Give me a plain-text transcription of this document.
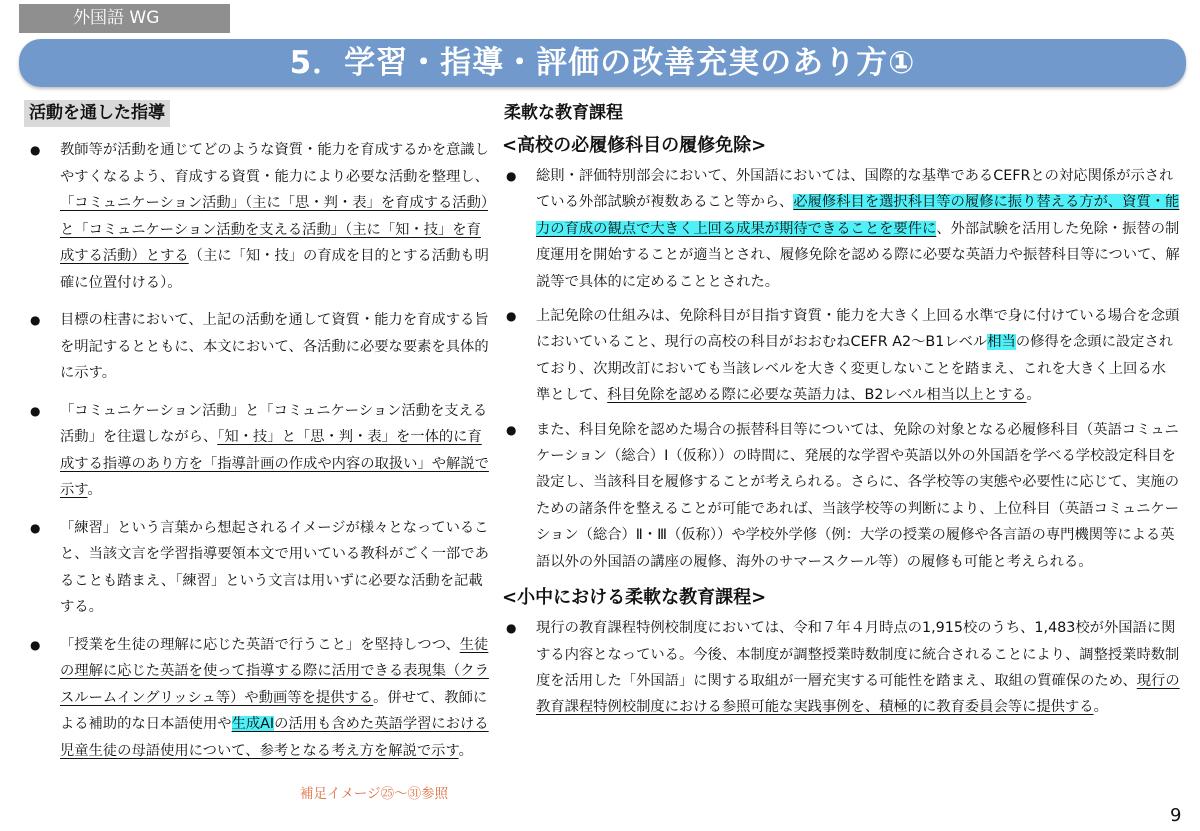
外国語 WG
5．学習・指導・評価の改善充実のあり方①
活動を通した指導
● 教師等が活動を通じてどのような資質・能力を育成するかを意識しやすくなるよう、育成する資質・能力により必要な活動を整理し、「コミュニケーション活動」（主に「思・判・表」を育成する活動）と「コミュニケーション活動を支える活動」（主に「知・技」を育成する活動）とする（主に「知・技」の育成を目的とする活動も明確に位置付ける）。
● 目標の柱書において、上記の活動を通して資質・能力を育成する旨を明記するとともに、本文において、各活動に必要な要素を具体的に示す。
● 「コミュニケーション活動」と「コミュニケーション活動を支える活動」を往還しながら、「知・技」と「思・判・表」を一体的に育成する指導のあり方を「指導計画の作成や内容の取扱い」や解説で示す。
● 「練習」という言葉から想起されるイメージが様々となっていること、当該文言を学習指導要領本文で用いている教科がごく一部であることも踏まえ、「練習」という文言は用いずに必要な活動を記載する。
● 「授業を生徒の理解に応じた英語で行うこと」を堅持しつつ、生徒の理解に応じた英語を使って指導する際に活用できる表現集（クラスルームイングリッシュ等）や動画等を提供する。併せて、教師による補助的な日本語使用や生成AIの活用も含めた英語学習における児童生徒の母語使用について、参考となる考え方を解説で示す。
補足イメージ㉕～㉛参照
柔軟な教育課程
<高校の必履修科目の履修免除>
● 総則・評価特別部会において、外国語においては、国際的な基準であるCEFRとの対応関係が示されている外部試験が複数あること等から、必履修科目を選択科目等の履修に振り替える方が、資質・能力の育成の観点で大きく上回る成果が期待できることを要件に、外部試験を活用した免除・振替の制度運用を開始することが適当とされ、履修免除を認める際に必要な英語力や振替科目等について、解説等で具体的に定めることとされた。
● 上記免除の仕組みは、免除科目が目指す資質・能力を大きく上回る水準で身に付けている場合を念頭においていること、現行の高校の科目がおおむねCEFR A2～B1レベル相当の修得を念頭に設定されており、次期改訂においても当該レベルを大きく変更しないことを踏まえ、これを大きく上回る水準として、科目免除を認める際に必要な英語力は、B2レベル相当以上とする。
● また、科目免除を認めた場合の振替科目等については、免除の対象となる必履修科目（英語コミュニケーション（総合）Ⅰ（仮称））の時間に、発展的な学習や英語以外の外国語を学べる学校設定科目を設定し、当該科目を履修することが考えられる。さらに、各学校等の実態や必要性に応じて、実施のための諸条件を整えることが可能であれば、当該学校等の判断により、上位科目（英語コミュニケーション（総合）Ⅱ・Ⅲ（仮称））や学校外学修（例：大学の授業の履修や各言語の専門機関等による英語以外の外国語の講座の履修、海外のサマースクール等）の履修も可能と考えられる。
<小中における柔軟な教育課程>
● 現行の教育課程特例校制度においては、令和７年４月時点の1,915校のうち、1,483校が外国語に関する内容となっている。今後、本制度が調整授業時数制度に統合されることにより、調整授業時数制度を活用した「外国語」に関する取組が一層充実する可能性を踏まえ、取組の質確保のため、現行の教育課程特例校制度における参照可能な実践事例を、積極的に教育委員会等に提供する。
9
